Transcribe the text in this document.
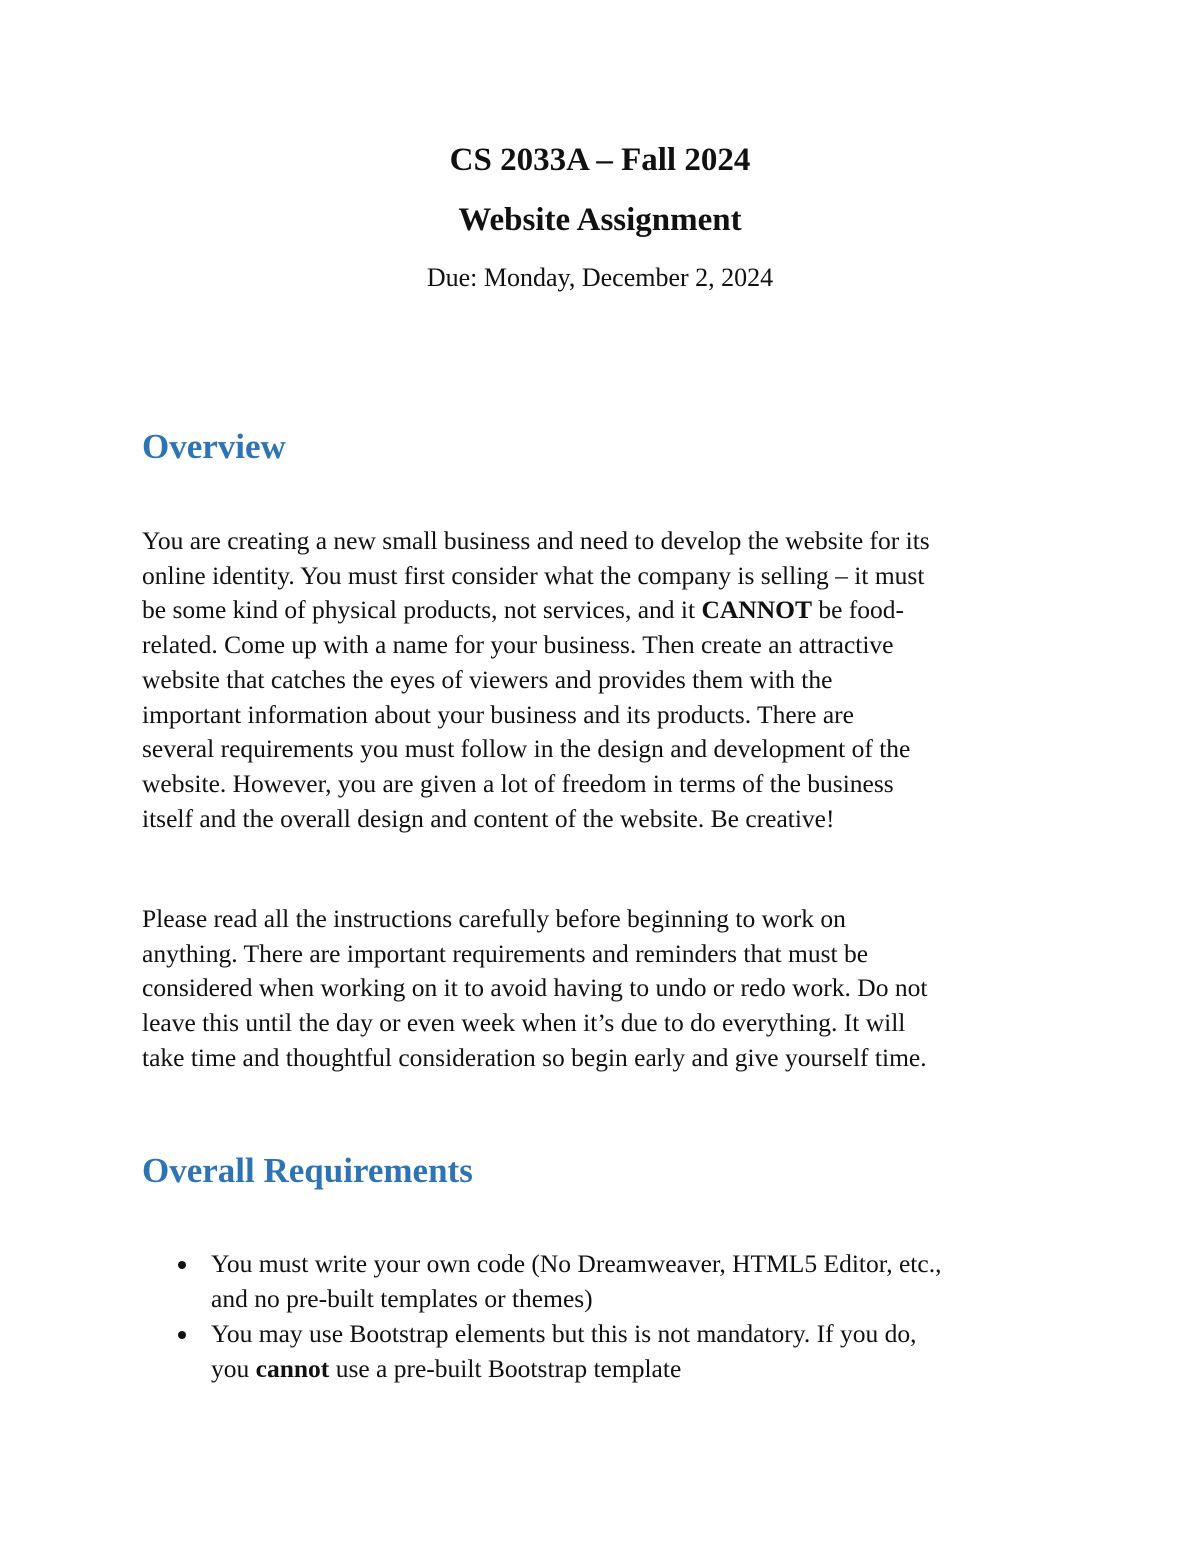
CS 2033A – Fall 2024
Website Assignment
Due: Monday, December 2, 2024
Overview
You are creating a new small business and need to develop the website for its
online identity. You must first consider what the company is selling – it must
be some kind of physical products, not services, and it CANNOT be food-
related. Come up with a name for your business. Then create an attractive
website that catches the eyes of viewers and provides them with the
important information about your business and its products. There are
several requirements you must follow in the design and development of the
website. However, you are given a lot of freedom in terms of the business
itself and the overall design and content of the website. Be creative!
Please read all the instructions carefully before beginning to work on
anything. There are important requirements and reminders that must be
considered when working on it to avoid having to undo or redo work. Do not
leave this until the day or even week when it’s due to do everything. It will
take time and thoughtful consideration so begin early and give yourself time.
Overall Requirements
You must write your own code (No Dreamweaver, HTML5 Editor, etc.,
and no pre-built templates or themes)
You may use Bootstrap elements but this is not mandatory. If you do,
you cannot use a pre-built Bootstrap template
